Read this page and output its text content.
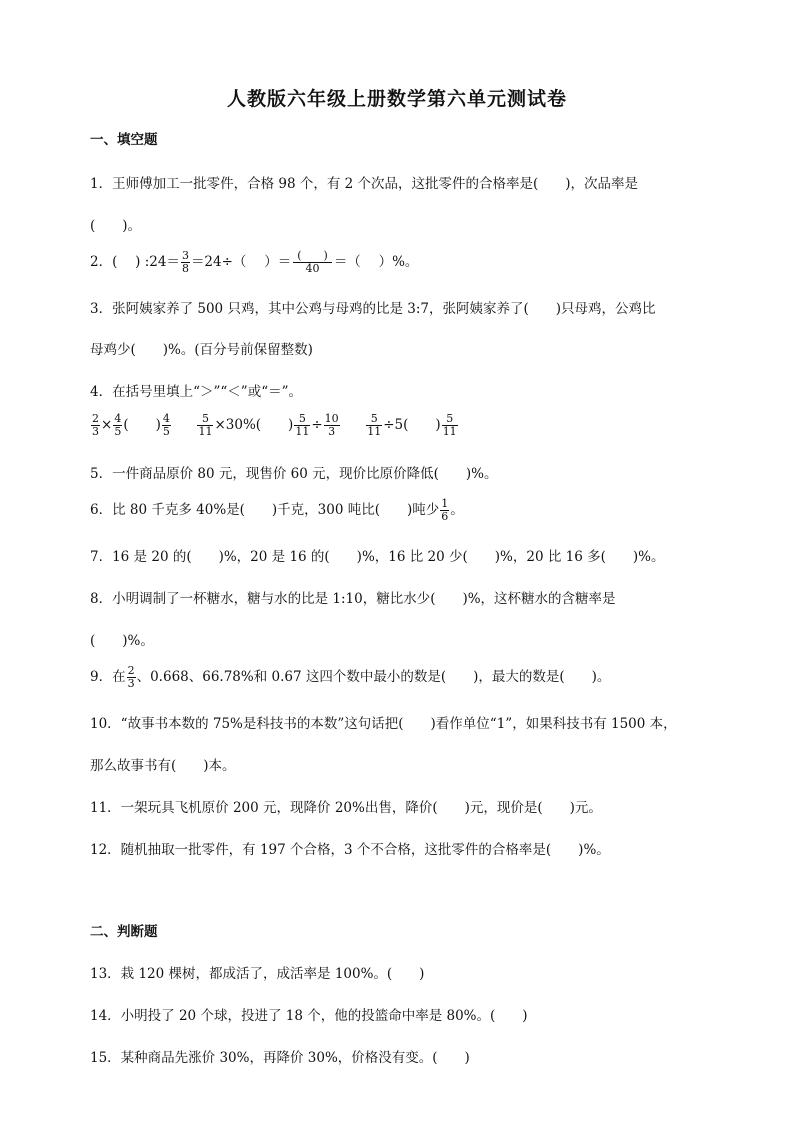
人教版六年级上册数学第六单元测试卷
一、填空题
1．王师傅加工一批零件，合格 98 个，有 2 个次品，这批零件的合格率是(　　)，次品率是
(　　)。
2．(　 ) :24＝ $\frac{3}{8} =24\div$（　 ）＝ $\frac{( )}{40}$ ＝（　 ）%。
3．张阿姨家养了 500 只鸡，其中公鸡与母鸡的比是 3:7，张阿姨家养了(　　)只母鸡，公鸡比
母鸡少(　　)%。(百分号前保留整数)
4．在括号里填上“＞”“＜”或“＝”。
$\frac{2}{3} \times \frac{4}{5}$ (　　) $\frac{4}{5}$
$\frac{5}{11} \times 30\%$(　　) $\frac{5}{11} \div \frac{10}{3}$
$\frac{5}{11} \div 5$(　　) $\frac{5}{11}$
5．一件商品原价 80 元，现售价 60 元，现价比原价降低(　　)%。
6．比 80 千克多 40%是(　　)千克，300 吨比(　　)吨少 $\frac{1}{6}$ 。
7．16 是 20 的(　　)%，20 是 16 的(　　)%，16 比 20 少(　　)%，20 比 16 多(　　)%。
8．小明调制了一杯糖水，糖与水的比是 1:10，糖比水少(　　)%，这杯糖水的含糖率是
(　　)%。
9．在 $\frac{2}{3}$ 、0.668、66.78%和 0.67 这四个数中最小的数是(　　)，最大的数是(　　)。
10．“故事书本数的 75%是科技书的本数”这句话把(　　)看作单位“1”，如果科技书有 1500 本，
那么故事书有(　　)本。
11．一架玩具飞机原价 200 元，现降价 20%出售，降价(　　)元，现价是(　　)元。
12．随机抽取一批零件，有 197 个合格，3 个不合格，这批零件的合格率是(　　)%。
二、判断题
13．栽 120 棵树，都成活了，成活率是 100%。(　　)
14．小明投了 20 个球，投进了 18 个，他的投篮命中率是 80%。(　　)
15．某种商品先涨价 30%，再降价 30%，价格没有变。(　　)
